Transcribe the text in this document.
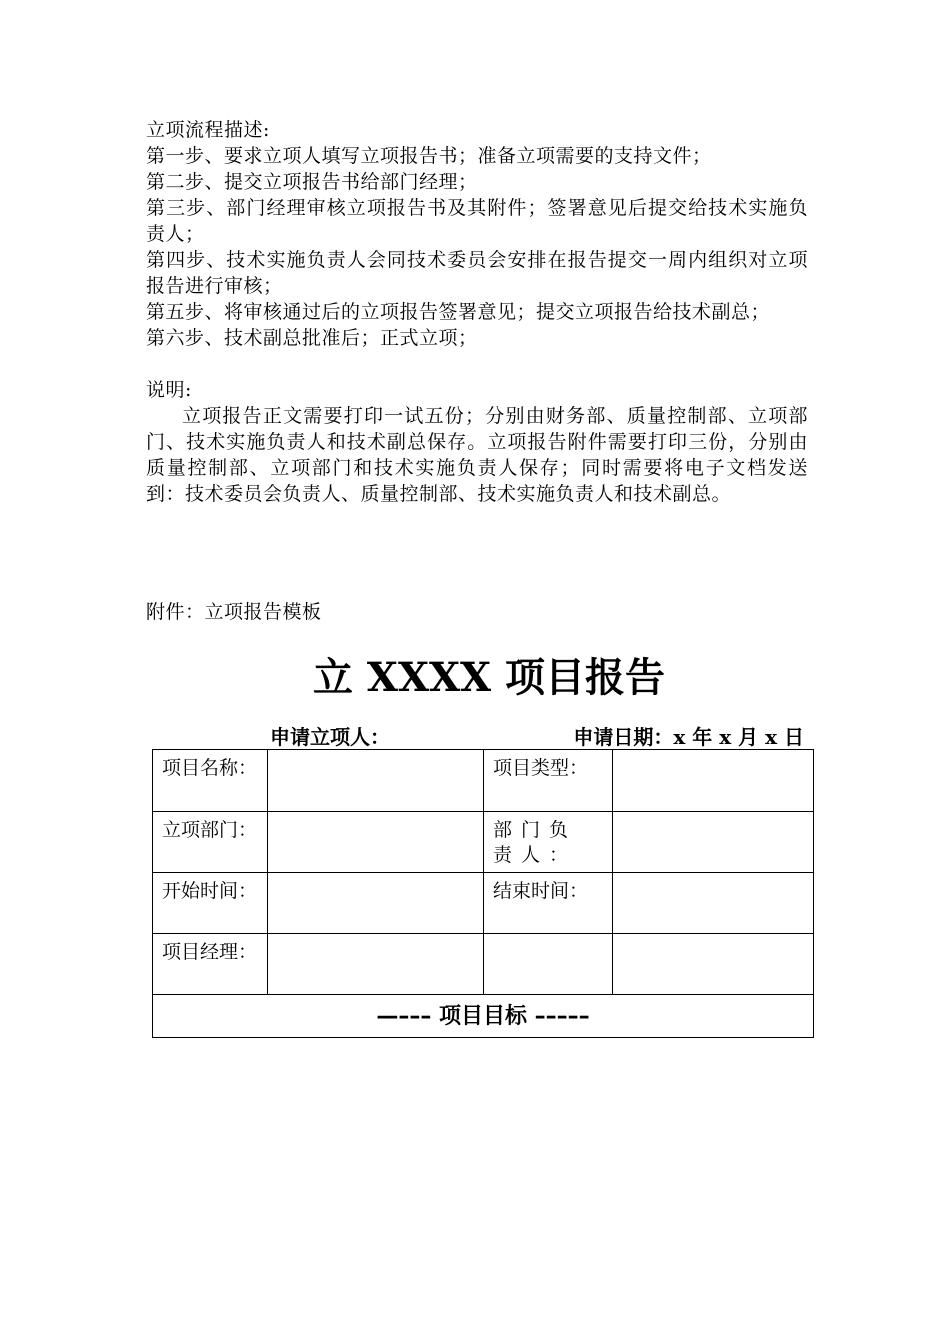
立项流程描述:

第一步、要求立项人填写立项报告书；准备立项需要的支持文件；

第二步、提交立项报告书给部门经理；

第三步、部门经理审核立项报告书及其附件；签署意见后提交给技术实施负责人；

第四步、技术实施负责人会同技术委员会安排在报告提交一周内组织对立项报告进行审核；

第五步、将审核通过后的立项报告签署意见；提交立项报告给技术副总；

第六步、技术副总批准后；正式立项；

说明:

立项报告正文需要打印一试五份；分别由财务部、质量控制部、立项部门、技术实施负责人和技术副总保存。立项报告附件需要打印三份，分别由质量控制部、立项部门和技术实施负责人保存；同时需要将电子文档发送到：技术委员会负责人、质量控制部、技术实施负责人和技术副总。

附件：立项报告模板
立 XXXX 项目报告
申请立项人：	申请日期：x 年 x 月 x 日
项目名称：		项目类型：	
立项部门：		部门负责人：	
开始时间：		结束时间：	
项目经理：			
—––– 项目目标 –––––			
